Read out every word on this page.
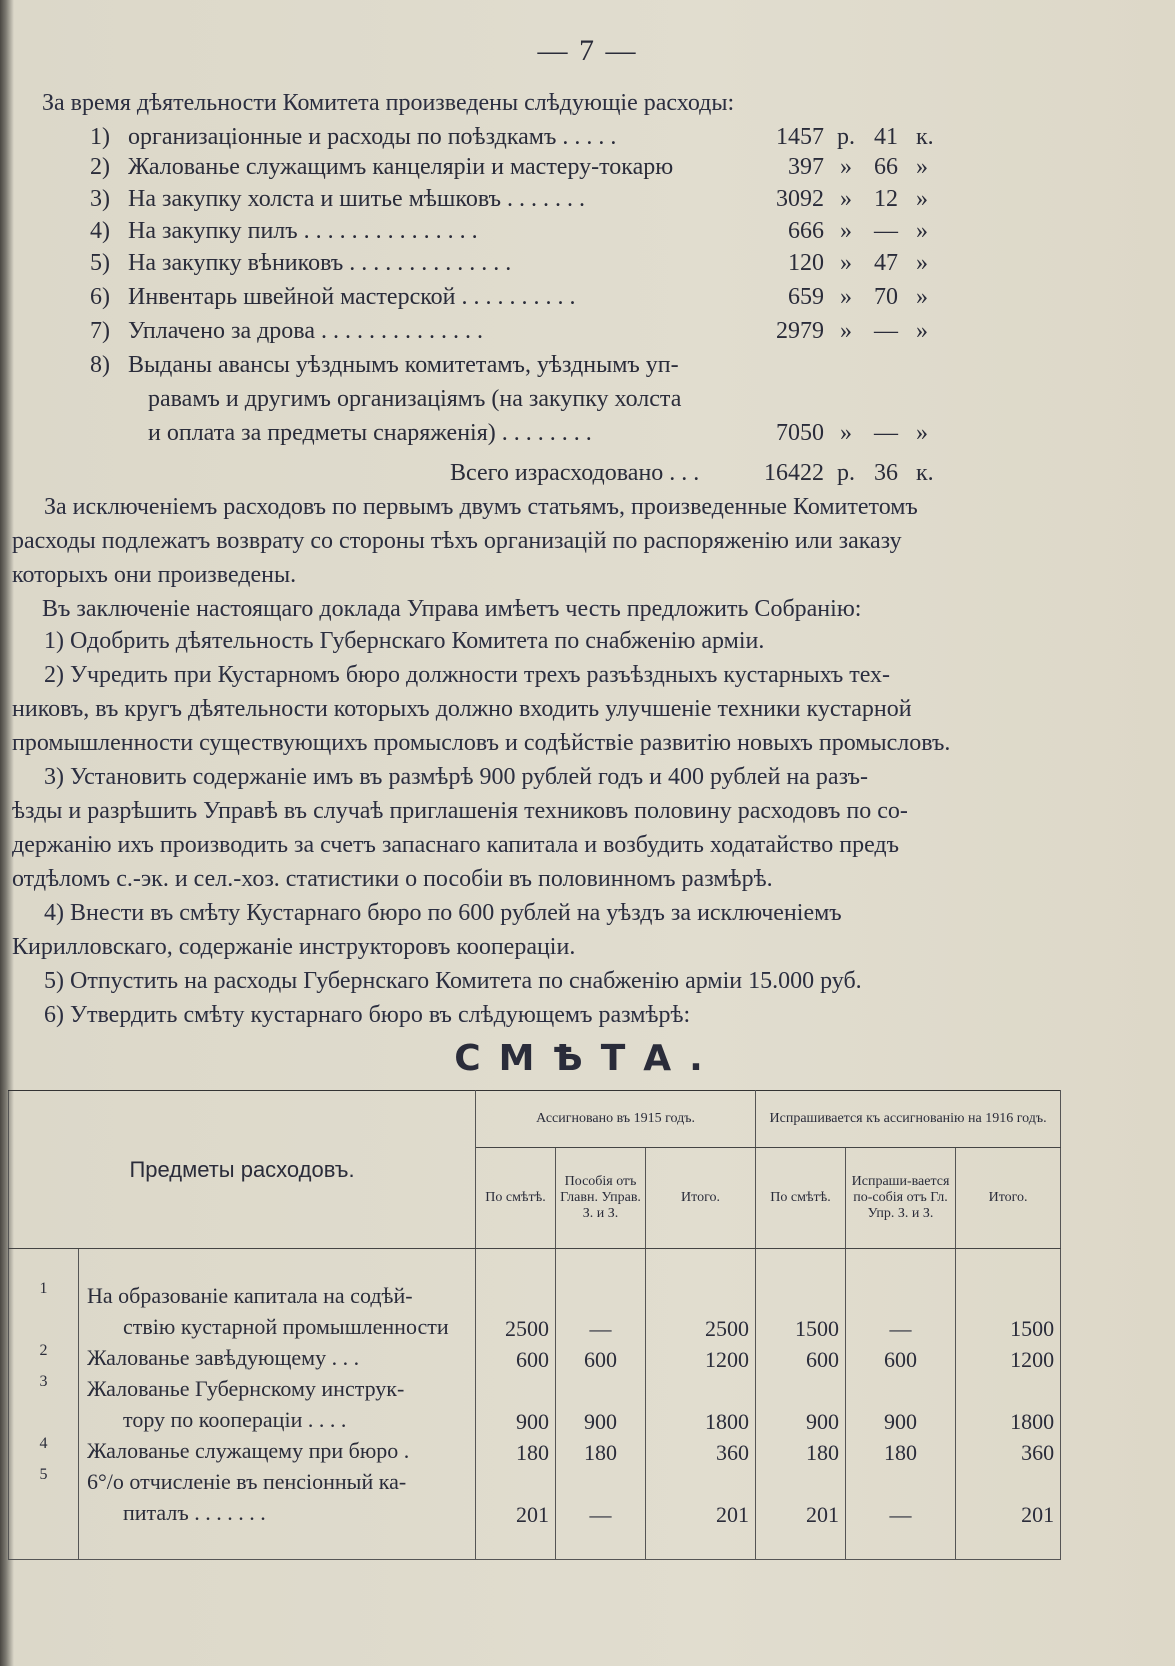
— 7 —
За время дѣятельности Комитета произведены слѣдующіе расходы:
1) организаціонные и расходы по поѣздкамъ . . . . .	1457 р. 41 к.
2) Жалованье служащимъ канцеляріи и мастеру-токарю	397 » 66 »
3) На закупку холста и шитье мѣшковъ . . . . . . .	3092 » 12 »
4) На закупку пилъ . . . . . . . . . . . . . . .	666 » — »
5) На закупку вѣниковъ . . . . . . . . . . . . . .	120 » 47 »
6) Инвентарь швейной мастерской . . . . . . . . . .	659 » 70 »
7) Уплачено за дрова . . . . . . . . . . . . . .	2979 » — »
8) Выданы авансы уѣзднымъ комитетамъ, уѣзднымъ уп-
равамъ и другимъ организаціямъ (на закупку холста
и оплата за предметы снаряженія) . . . . . . . .	7050 » — »
Всего израсходовано . . .	16422 р. 36 к.
За исключеніемъ расходовъ по первымъ двумъ статьямъ, произведенные Комитетомъ
расходы подлежатъ возврату со стороны тѣхъ организацій по распоряженію или заказу
которыхъ они произведены.
Въ заключеніе настоящаго доклада Управа имѣетъ честь предложить Собранію:
1) Одобрить дѣятельность Губернскаго Комитета по снабженію арміи.
2) Учредить при Кустарномъ бюро должности трехъ разъѣздныхъ кустарныхъ тех-
никовъ, въ кругъ дѣятельности которыхъ должно входить улучшеніе техники кустарной
промышленности существующихъ промысловъ и содѣйствіе развитію новыхъ промысловъ.
3) Установить содержаніе имъ въ размѣрѣ 900 рублей годъ и 400 рублей на разъ-
ѣзды и разрѣшить Управѣ въ случаѣ приглашенія техниковъ половину расходовъ по со-
держанію ихъ производить за счетъ запаснаго капитала и возбудить ходатайство предъ
отдѣломъ с.-эк. и сел.-хоз. статистики о пособіи въ половинномъ размѣрѣ.
4) Внести въ смѣту Кустарнаго бюро по 600 рублей на уѣздъ за исключеніемъ
Кирилловскаго, содержаніе инструкторовъ коопераціи.
5) Отпустить на расходы Губернскаго Комитета по снабженію арміи 15.000 руб.
6) Утвердить смѣту кустарнаго бюро въ слѣдующемъ размѣрѣ:
СМѢТА.
Предметы расходовъ.		Ассигновано въ 1915 годъ.			Испрашивается къ ассигнованію на 1916 годъ.		
		По смѣтѣ.	Пособія отъ Главн. Управ. З. и З.	Итого.	По смѣтѣ.	Испраши-вается по-собія отъ Гл. Упр. З. и З.	Итого.

1	На образованіе капитала на содѣй-
ствію кустарной промышленности	2500	—	2500	1500	—	1500
2	Жалованье завѣдующему . . .	600	600	1200	600	600	1200
3	Жалованье Губернскому инструк-
тору по коопераціи . . . .	900	900	1800	900	900	1800
4	Жалованье служащему при бюро .	180	180	360	180	180	360
5	6°/о отчисленіе въ пенсіонный ка-
питалъ . . . . . . .	201	—	201	201	—	201
